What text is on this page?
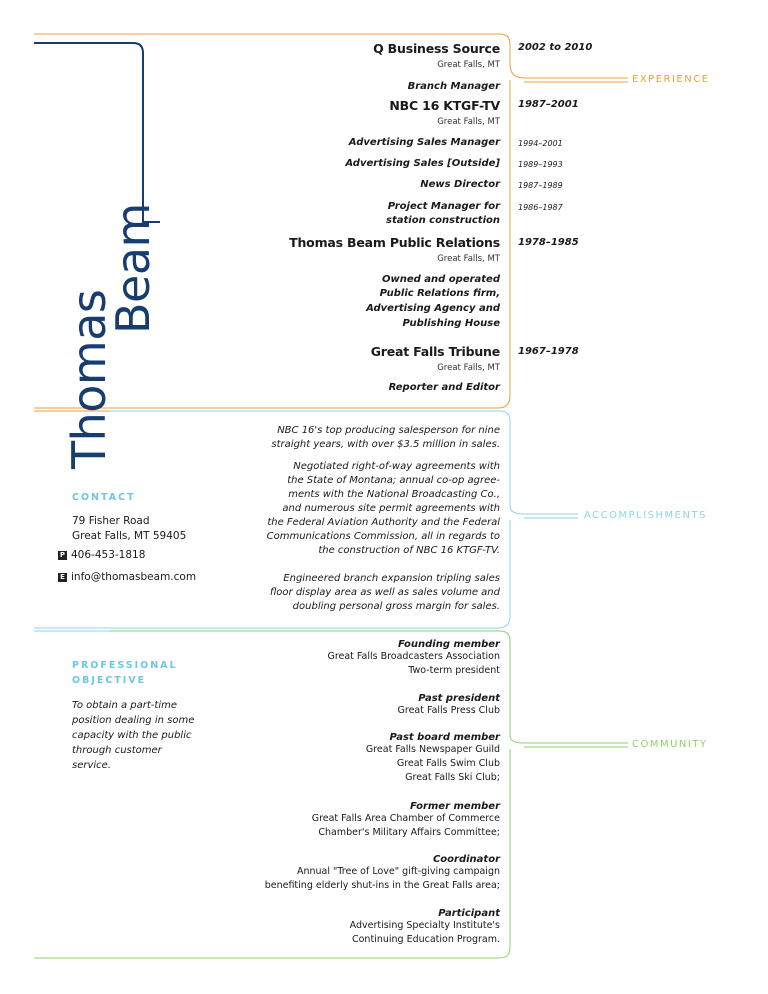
Thomas
Beam
EXPERIENCE
ACCOMPLISHMENTS
COMMUNITY
Q Business Source
Great Falls, MT
2002 to 2010
Branch Manager
NBC 16 KTGF-TV
Great Falls, MT
1987–2001
Advertising Sales Manager 1994–2001
Advertising Sales [Outside] 1989–1993
News Director 1987–1989
Project Manager for
station construction
1986–1987
Thomas Beam Public Relations
Great Falls, MT
1978–1985
Owned and operated
Public Relations firm,
Advertising Agency and
Publishing House
Great Falls Tribune
Great Falls, MT
1967–1978
Reporter and Editor
NBC 16's top producing salesperson for nine
straight years, with over $3.5 million in sales.
Negotiated right-of-way agreements with
the State of Montana; annual co-op agree-
ments with the National Broadcasting Co.,
and numerous site permit agreements with
the Federal Aviation Authority and the Federal
Communications Commission, all in regards to
the construction of NBC 16 KTGF-TV.
Engineered branch expansion tripling sales
floor display area as well as sales volume and
doubling personal gross margin for sales.
Founding member
Great Falls Broadcasters Association
Two-term president
Past president
Great Falls Press Club
Past board member
Great Falls Newspaper Guild
Great Falls Swim Club
Great Falls Ski Club;
Former member
Great Falls Area Chamber of Commerce
Chamber's Military Affairs Committee;
Coordinator
Annual "Tree of Love" gift-giving campaign
benefiting elderly shut-ins in the Great Falls area;
Participant
Advertising Specialty Institute's
Continuing Education Program.
CONTACT
79 Fisher Road
Great Falls, MT 59405
P 406-453-1818
E info@thomasbeam.com
PROFESSIONAL
OBJECTIVE
To obtain a part-time
position dealing in some
capacity with the public
through customer
service.
